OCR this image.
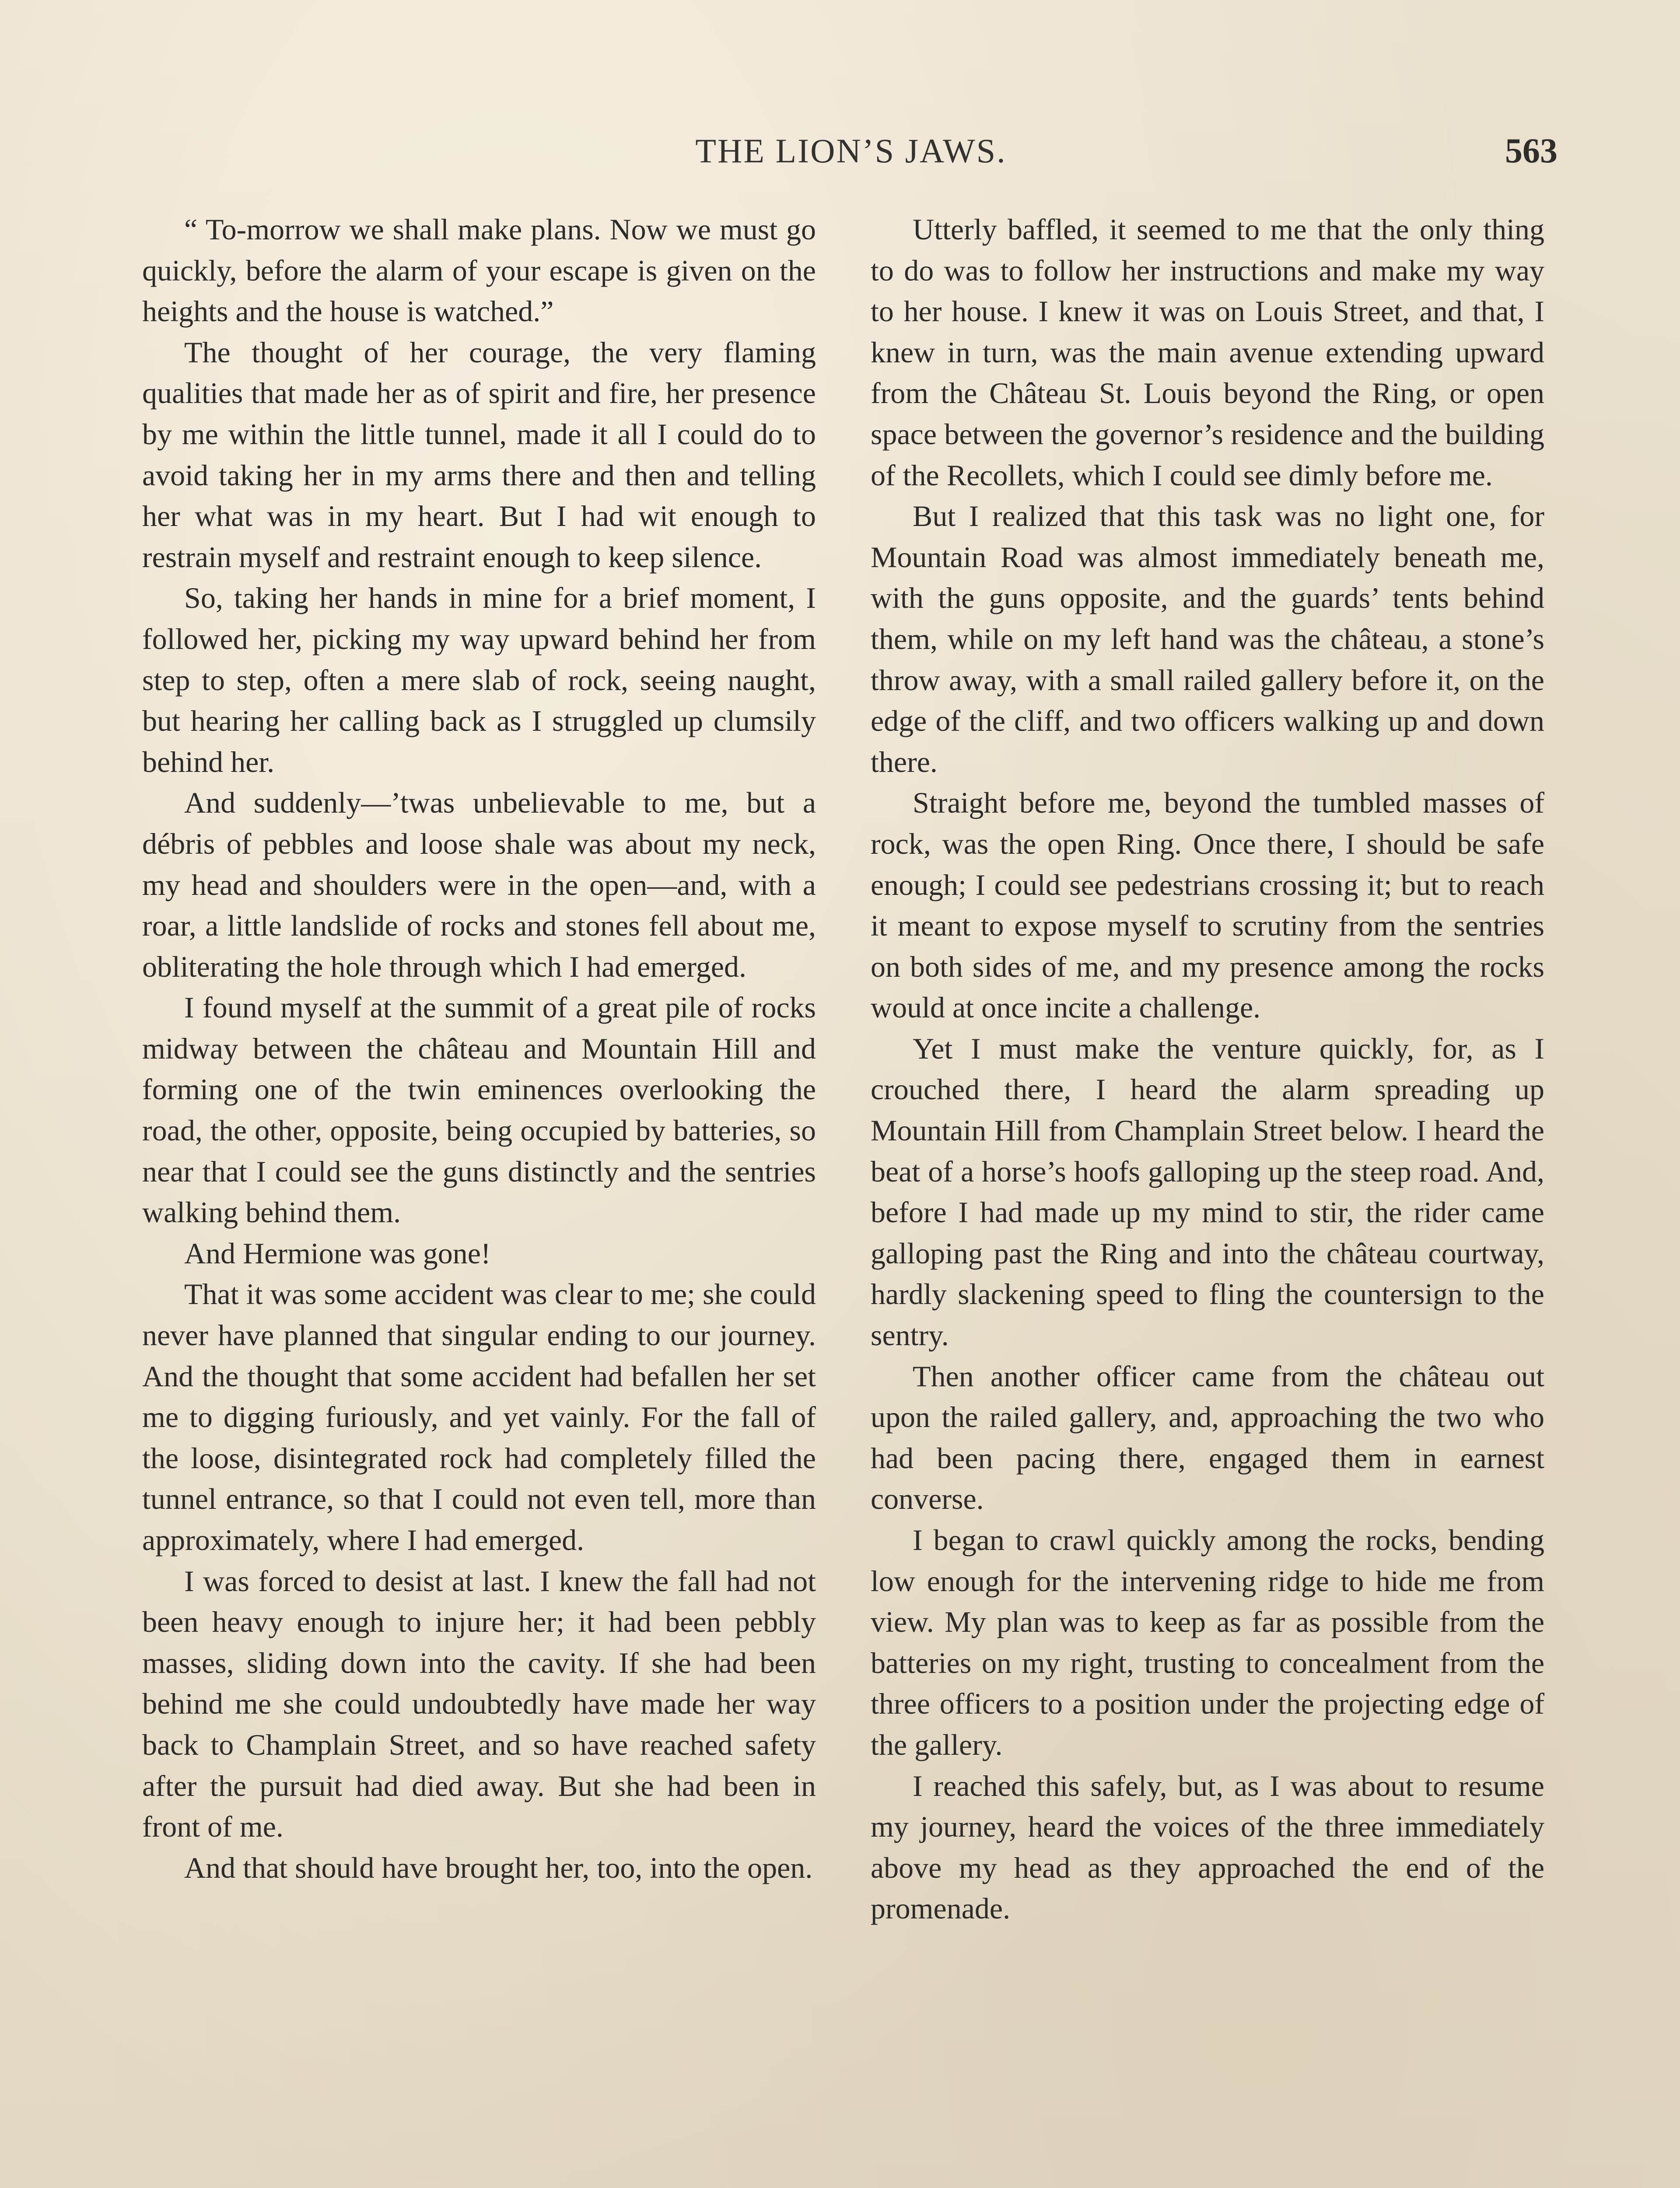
THE LION’S JAWS.	563

“ To-morrow we shall make plans. Now we must go quickly, before the alarm of your escape is given on the heights and the house is watched.”

The thought of her courage, the very flaming qualities that made her as of spirit and fire, her presence by me within the little tunnel, made it all I could do to avoid taking her in my arms there and then and telling her what was in my heart. But I had wit enough to restrain myself and restraint enough to keep silence.

So, taking her hands in mine for a brief moment, I followed her, picking my way upward behind her from step to step, often a mere slab of rock, seeing naught, but hearing her calling back as I struggled up clumsily behind her.

And suddenly—’twas unbelievable to me, but a débris of pebbles and loose shale was about my neck, my head and shoulders were in the open—and, with a roar, a little landslide of rocks and stones fell about me, obliterating the hole through which I had emerged.

I found myself at the summit of a great pile of rocks midway between the château and Mountain Hill and forming one of the twin eminences overlooking the road, the other, opposite, being occupied by batteries, so near that I could see the guns distinctly and the sentries walking behind them.

And Hermione was gone!

That it was some accident was clear to me; she could never have planned that singular ending to our journey. And the thought that some accident had befallen her set me to digging furiously, and yet vainly. For the fall of the loose, disintegrated rock had completely filled the tunnel entrance, so that I could not even tell, more than approximately, where I had emerged.

I was forced to desist at last. I knew the fall had not been heavy enough to injure her; it had been pebbly masses, sliding down into the cavity. If she had been behind me she could undoubtedly have made her way back to Champlain Street, and so have reached safety after the pursuit had died away. But she had been in front of me.

And that should have brought her, too, into the open.

Utterly baffled, it seemed to me that the only thing to do was to follow her instructions and make my way to her house. I knew it was on Louis Street, and that, I knew in turn, was the main avenue extending upward from the Château St. Louis beyond the Ring, or open space between the governor’s residence and the building of the Recollets, which I could see dimly before me.

But I realized that this task was no light one, for Mountain Road was almost immediately beneath me, with the guns opposite, and the guards’ tents behind them, while on my left hand was the château, a stone’s throw away, with a small railed gallery before it, on the edge of the cliff, and two officers walking up and down there.

Straight before me, beyond the tumbled masses of rock, was the open Ring. Once there, I should be safe enough; I could see pedestrians crossing it; but to reach it meant to expose myself to scrutiny from the sentries on both sides of me, and my presence among the rocks would at once incite a challenge.

Yet I must make the venture quickly, for, as I crouched there, I heard the alarm spreading up Mountain Hill from Champlain Street below. I heard the beat of a horse’s hoofs galloping up the steep road. And, before I had made up my mind to stir, the rider came galloping past the Ring and into the château courtway, hardly slackening speed to fling the countersign to the sentry.

Then another officer came from the château out upon the railed gallery, and, approaching the two who had been pacing there, engaged them in earnest converse.

I began to crawl quickly among the rocks, bending low enough for the intervening ridge to hide me from view. My plan was to keep as far as possible from the batteries on my right, trusting to concealment from the three officers to a position under the projecting edge of the gallery.

I reached this safely, but, as I was about to resume my journey, heard the voices of the three immediately above my head as they approached the end of the promenade.
